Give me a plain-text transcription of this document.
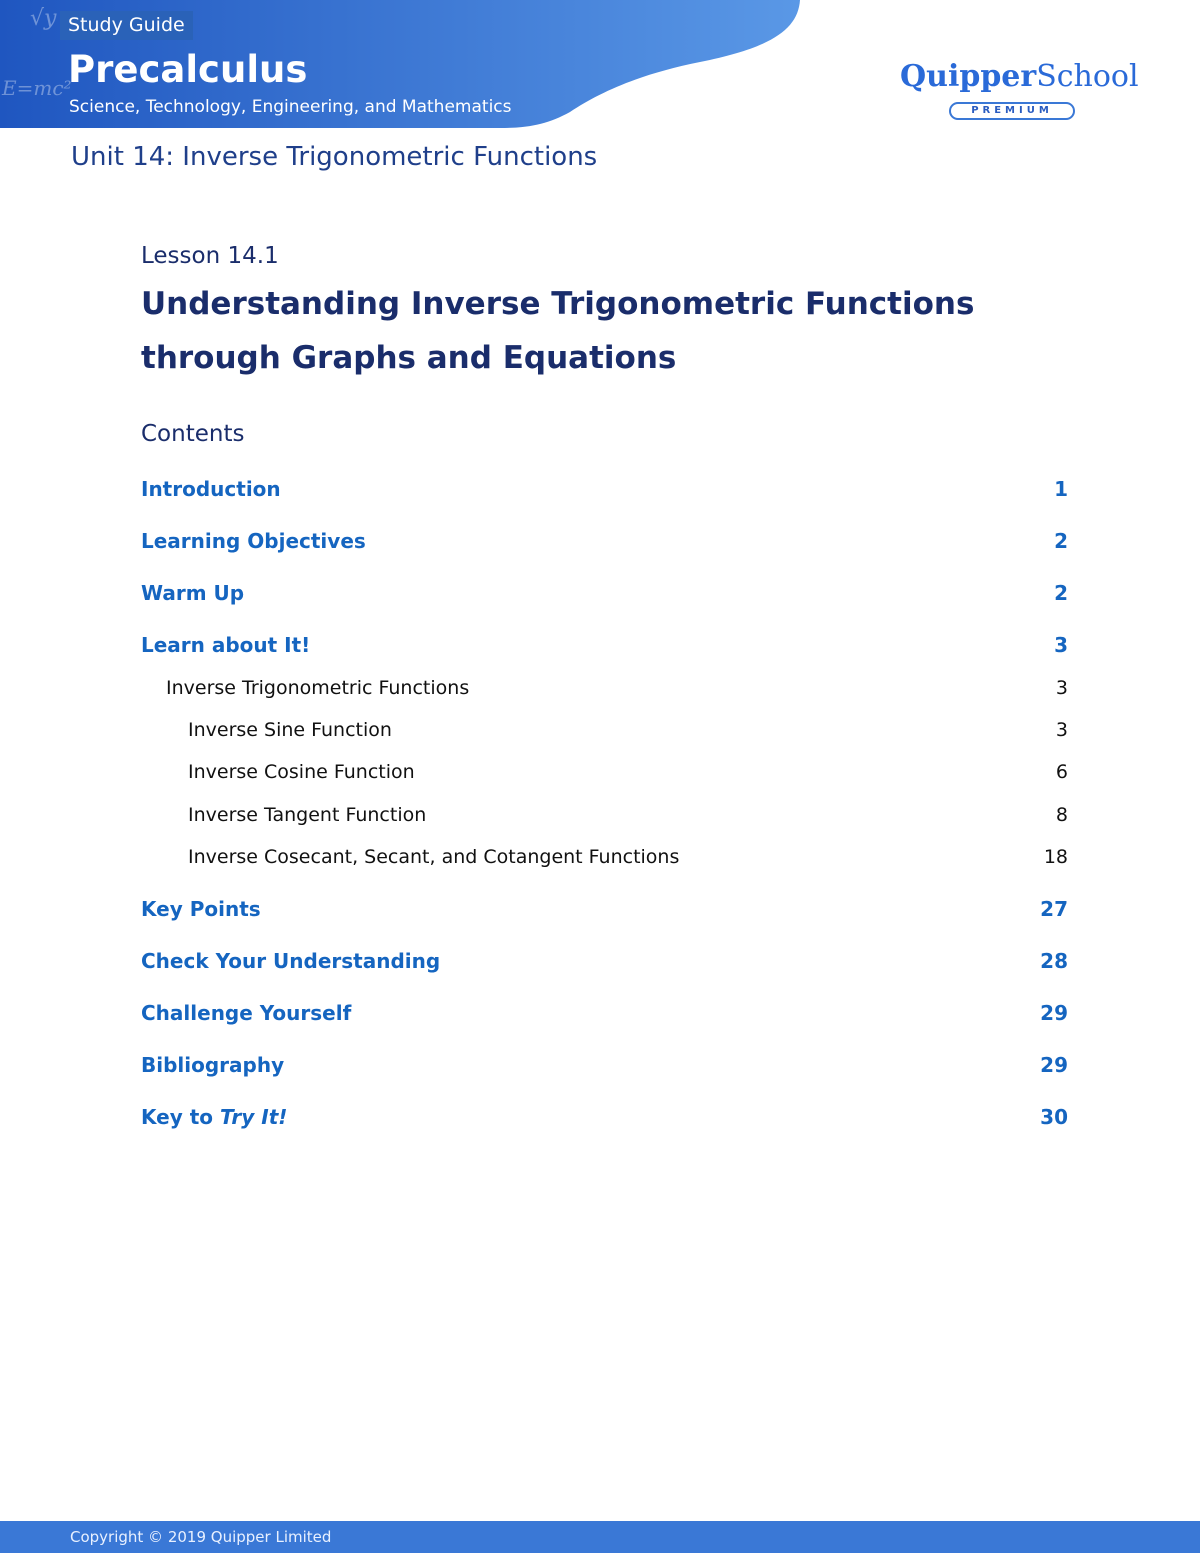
√y
E=mc²
Study Guide
Precalculus
Science, Technology, Engineering, and Mathematics
QuipperSchool
PREMIUM
Unit 14: Inverse Trigonometric Functions
Lesson 14.1
Understanding Inverse Trigonometric Functions
through Graphs and Equations
Contents
Introduction	1
Learning Objectives	2
Warm Up	2
Learn about It!	3
Inverse Trigonometric Functions	3
Inverse Sine Function	3
Inverse Cosine Function	6
Inverse Tangent Function	8
Inverse Cosecant, Secant, and Cotangent Functions	18
Key Points	27
Check Your Understanding	28
Challenge Yourself	29
Bibliography	29
Key to Try It!	30
Copyright © 2019 Quipper Limited
